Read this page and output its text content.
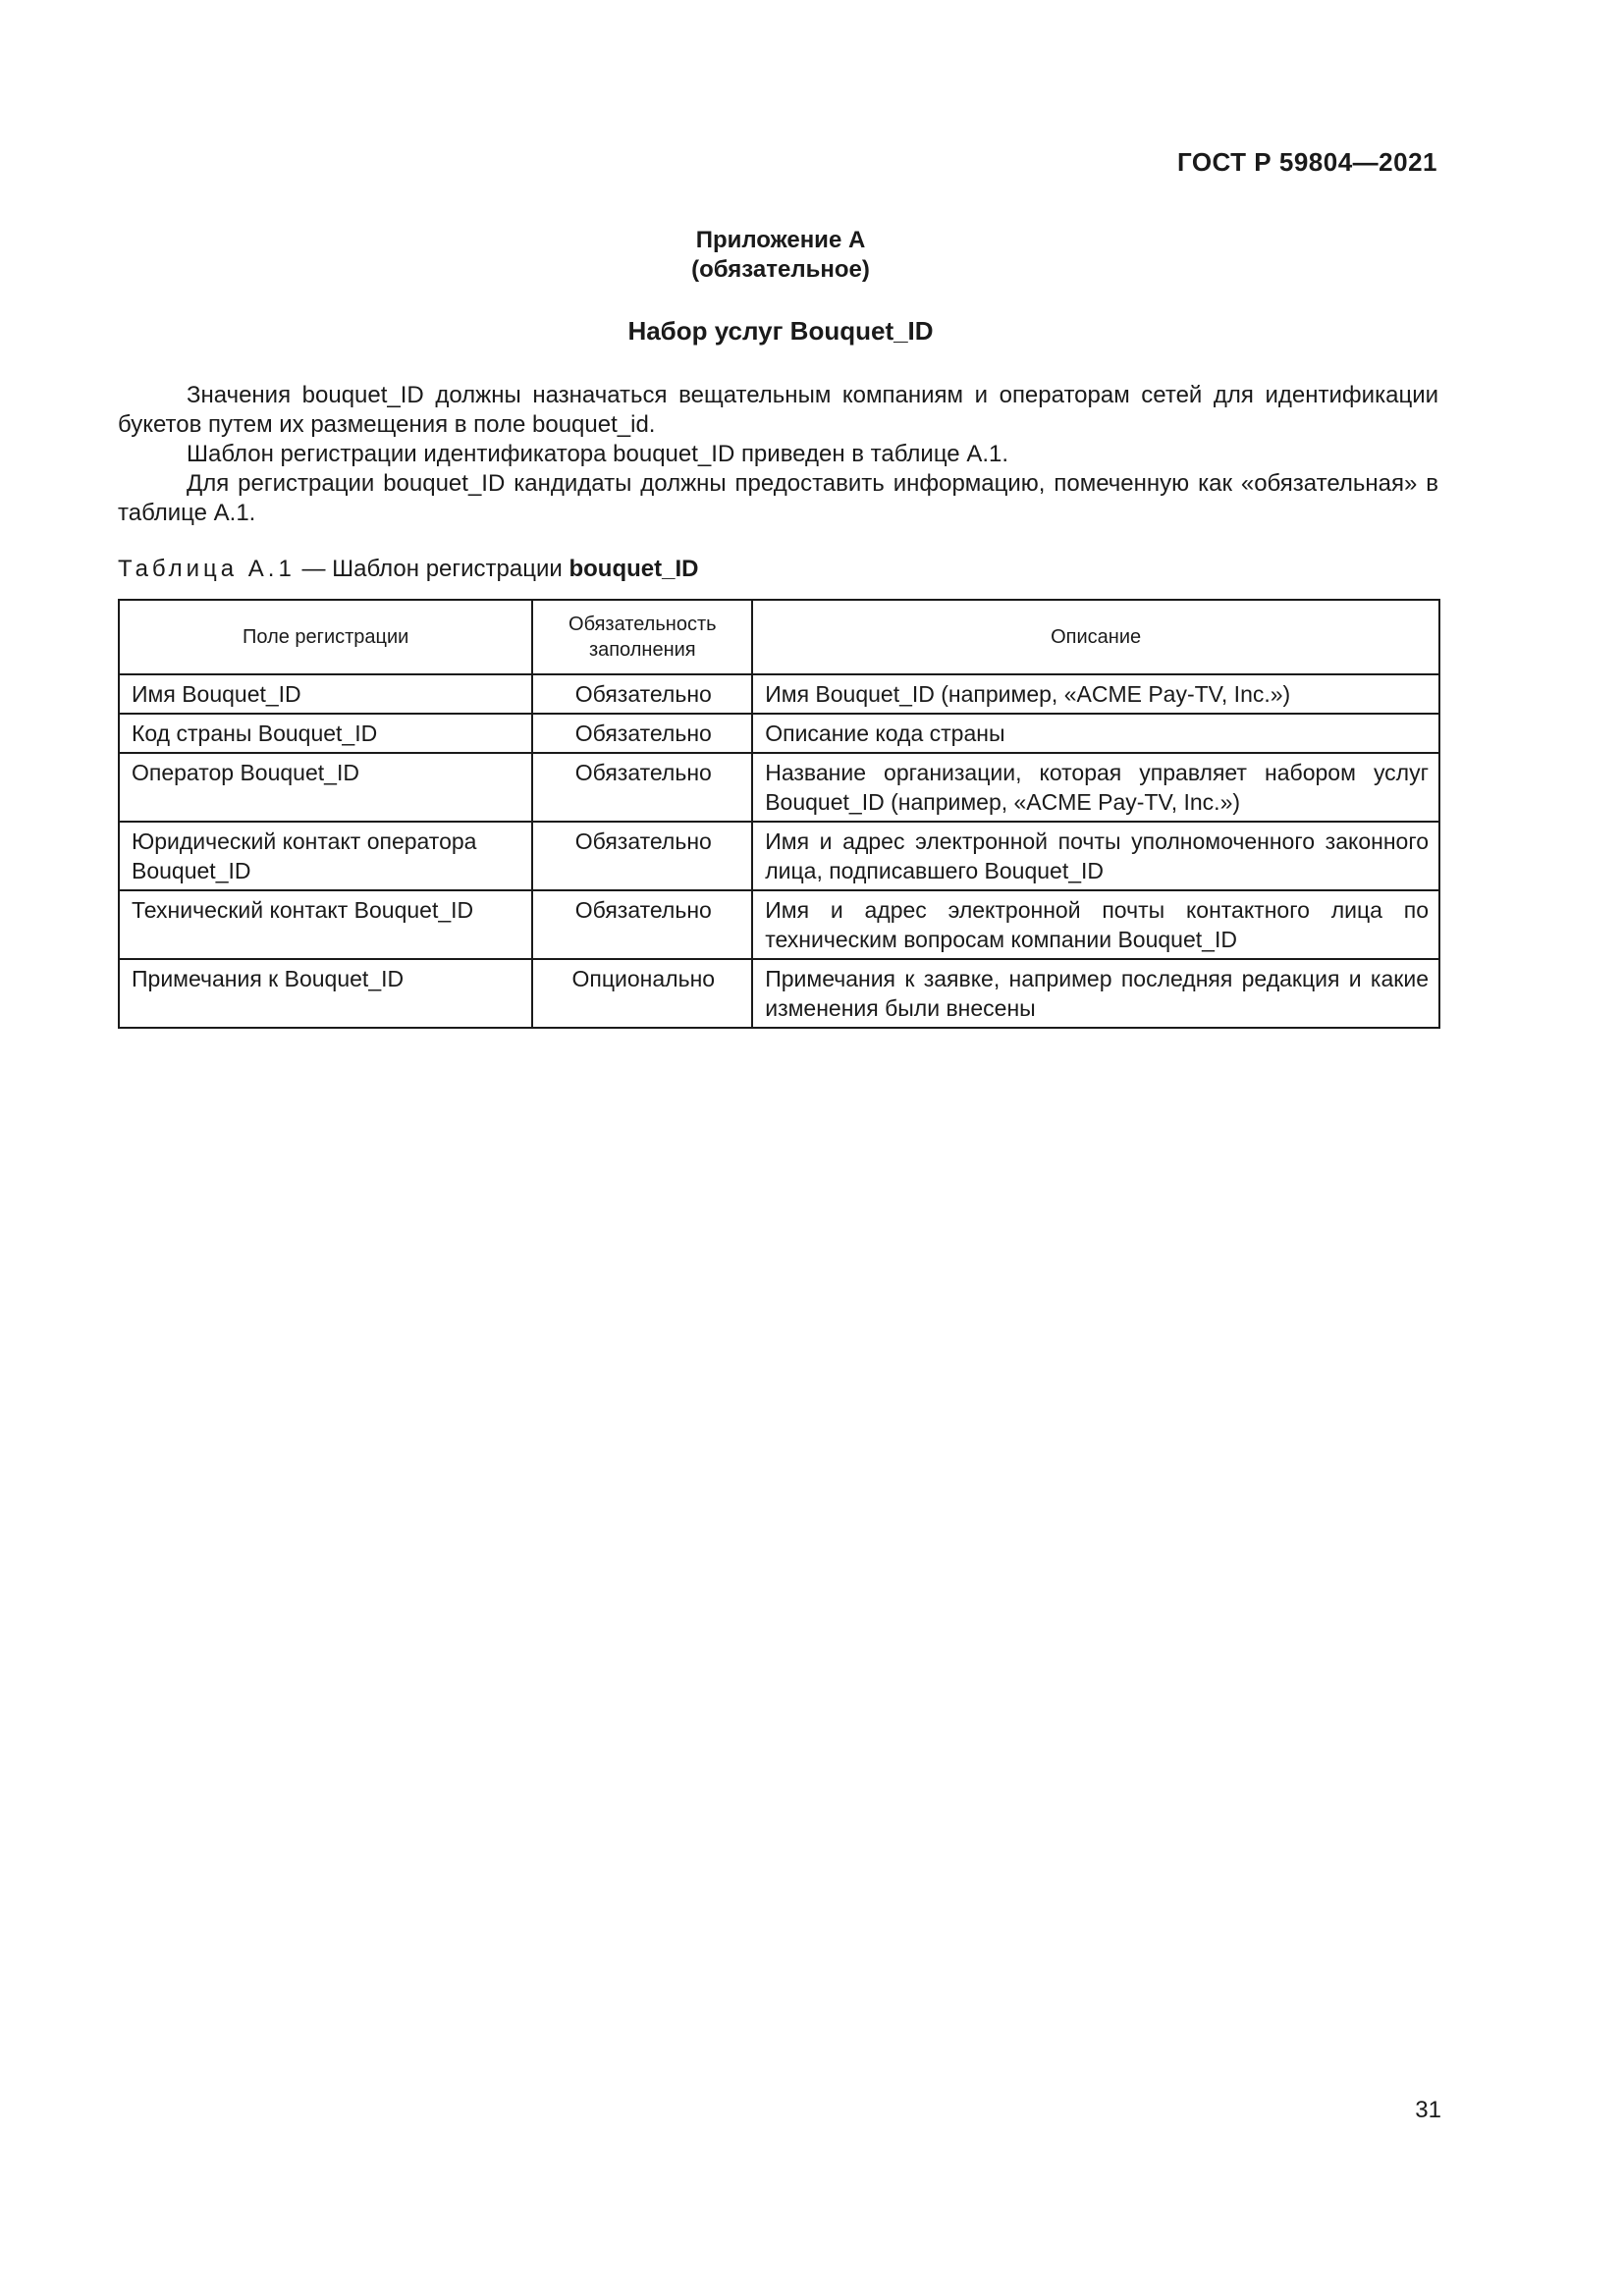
ГОСТ Р 59804—2021
Приложение А
(обязательное)
Набор услуг Bouquet_ID

Значения bouquet_ID должны назначаться вещательным компаниям и операторам сетей для идентификации букетов путем их размещения в поле bouquet_id.

Шаблон регистрации идентификатора bouquet_ID приведен в таблице А.1.

Для регистрации bouquet_ID кандидаты должны предоставить информацию, помеченную как «обязательная» в таблице А.1.

Таблица А.1 — Шаблон регистрации bouquet_ID
Поле регистрации	Обязательность заполнения	Описание
Имя Bouquet_ID	Обязательно	Имя Bouquet_ID (например, «ACME Pay-TV, Inc.»)
Код страны Bouquet_ID	Обязательно	Описание кода страны
Оператор Bouquet_ID	Обязательно	Название организации, которая управляет набором услуг Bouquet_ID (например, «ACME Pay-TV, Inc.»)
Юридический контакт оператора Bouquet_ID	Обязательно	Имя и адрес электронной почты уполномоченного законного лица, подписавшего Bouquet_ID
Технический контакт Bouquet_ID	Обязательно	Имя и адрес электронной почты контактного лица по техническим вопросам компании Bouquet_ID
Примечания к Bouquet_ID	Опционально	Примечания к заявке, например последняя редакция и какие изменения были внесены
31
